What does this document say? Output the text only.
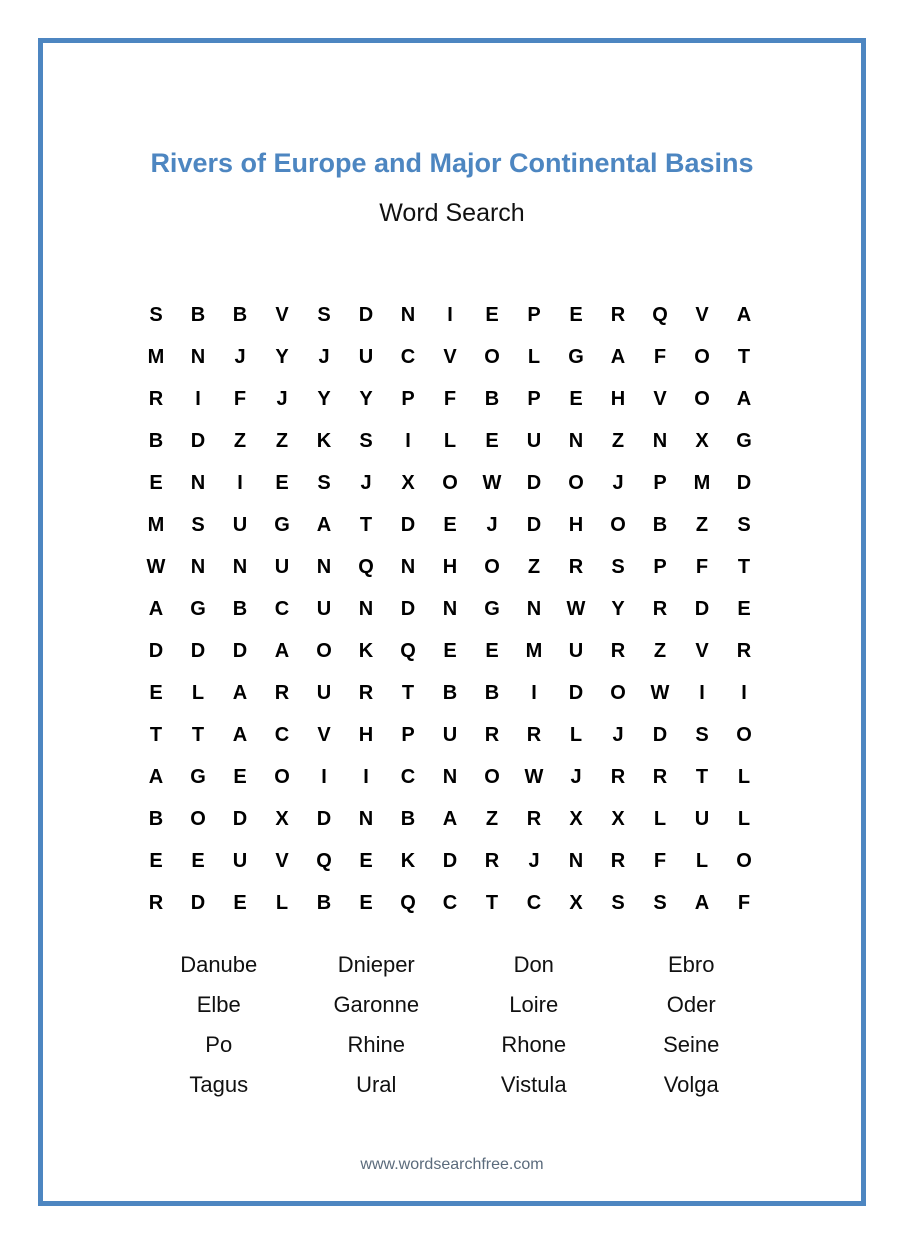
Rivers of Europe and Major Continental Basins
Word Search
S	B	B	V	S	D	N	I	E	P	E	R	Q	V	A
M	N	J	Y	J	U	C	V	O	L	G	A	F	O	T
R	I	F	J	Y	Y	P	F	B	P	E	H	V	O	A
B	D	Z	Z	K	S	I	L	E	U	N	Z	N	X	G
E	N	I	E	S	J	X	O	W	D	O	J	P	M	D
M	S	U	G	A	T	D	E	J	D	H	O	B	Z	S
W	N	N	U	N	Q	N	H	O	Z	R	S	P	F	T
A	G	B	C	U	N	D	N	G	N	W	Y	R	D	E
D	D	D	A	O	K	Q	E	E	M	U	R	Z	V	R
E	L	A	R	U	R	T	B	B	I	D	O	W	I	I
T	T	A	C	V	H	P	U	R	R	L	J	D	S	O
A	G	E	O	I	I	C	N	O	W	J	R	R	T	L
B	O	D	X	D	N	B	A	Z	R	X	X	L	U	L
E	E	U	V	Q	E	K	D	R	J	N	R	F	L	O
R	D	E	L	B	E	Q	C	T	C	X	S	S	A	F
Danube	Dnieper	Don	Ebro
Elbe	Garonne	Loire	Oder
Po	Rhine	Rhone	Seine
Tagus	Ural	Vistula	Volga
www.wordsearchfree.com
